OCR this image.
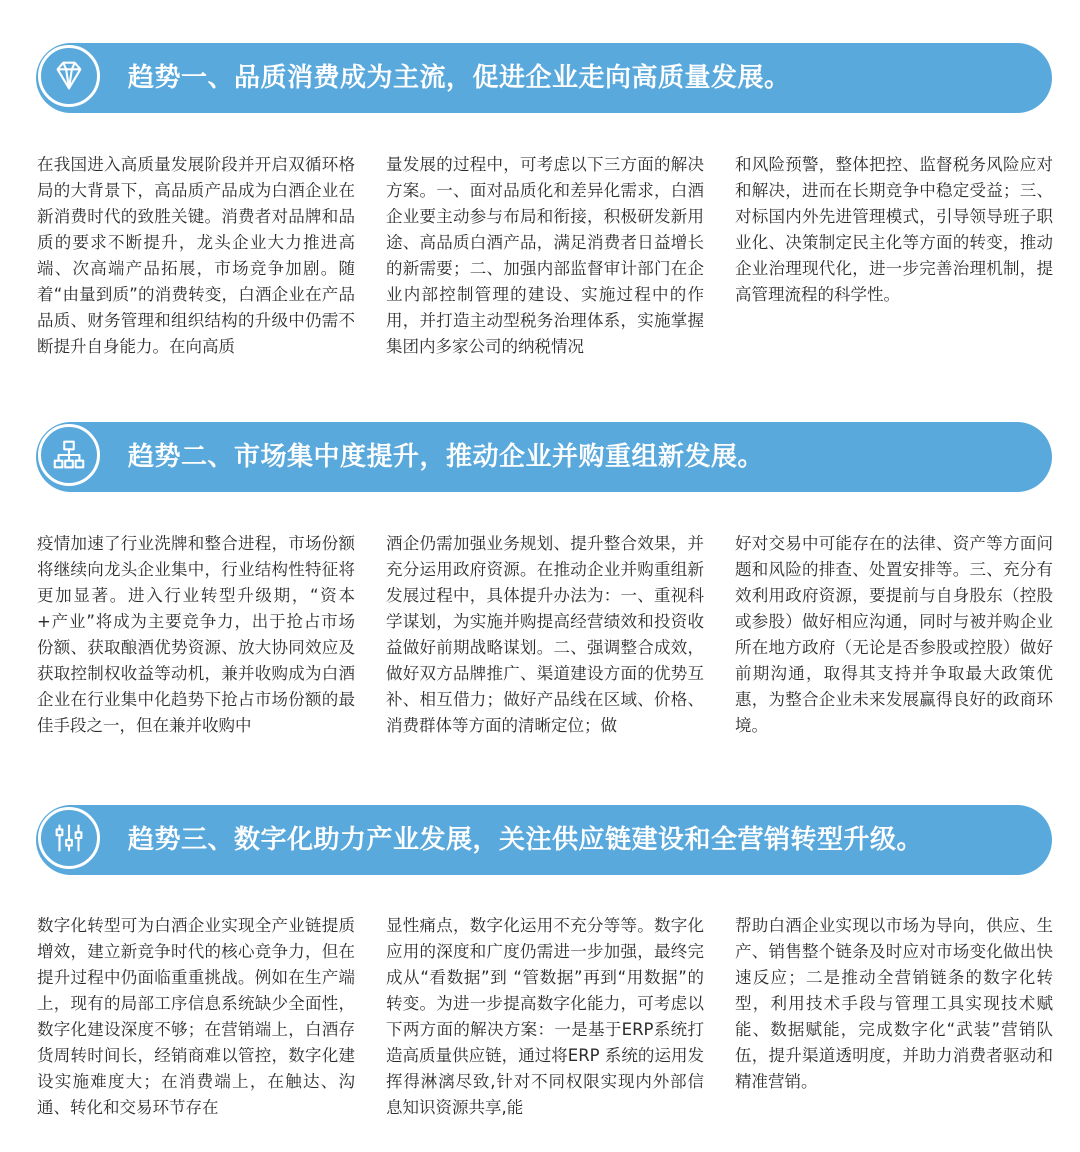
趋势一、品质消费成为主流，促进企业走向高质量发展。
在我国进入高质量发展阶段并开启双循环格局的大背景下，高品质产品成为白酒企业在新消费时代的致胜关键。消费者对品牌和品质的要求不断提升，龙头企业大力推进高端、次高端产品拓展，市场竞争加剧。随着“由量到质”的消费转变，白酒企业在产品品质、财务管理和组织结构的升级中仍需不断提升自身能力。在向高质
量发展的过程中，可考虑以下三方面的解决方案。一、面对品质化和差异化需求，白酒企业要主动参与布局和衔接，积极研发新用途、高品质白酒产品，满足消费者日益增长的新需要；二、加强内部监督审计部门在企业内部控制管理的建设、实施过程中的作用，并打造主动型税务治理体系，实施掌握集团内多家公司的纳税情况
和风险预警，整体把控、监督税务风险应对和解决，进而在长期竞争中稳定受益；三、对标国内外先进管理模式，引导领导班子职业化、决策制定民主化等方面的转变，推动企业治理现代化，进一步完善治理机制，提高管理流程的科学性。
趋势二、市场集中度提升，推动企业并购重组新发展。
疫情加速了行业洗牌和整合进程，市场份额将继续向龙头企业集中，行业结构性特征将更加显著。进入行业转型升级期，“资本+产业”将成为主要竞争力，出于抢占市场份额、获取酿酒优势资源、放大协同效应及获取控制权收益等动机，兼并收购成为白酒企业在行业集中化趋势下抢占市场份额的最佳手段之一，但在兼并收购中
酒企仍需加强业务规划、提升整合效果，并充分运用政府资源。在推动企业并购重组新发展过程中，具体提升办法为：一、重视科学谋划，为实施并购提高经营绩效和投资收益做好前期战略谋划。二、强调整合成效，做好双方品牌推广、渠道建设方面的优势互补、相互借力；做好产品线在区域、价格、消费群体等方面的清晰定位；做
好对交易中可能存在的法律、资产等方面问题和风险的排查、处置安排等。三、充分有效利用政府资源，要提前与自身股东（控股或参股）做好相应沟通，同时与被并购企业所在地方政府（无论是否参股或控股）做好前期沟通，取得其支持并争取最大政策优惠，为整合企业未来发展赢得良好的政商环境。
趋势三、数字化助力产业发展，关注供应链建设和全营销转型升级。
数字化转型可为白酒企业实现全产业链提质增效，建立新竞争时代的核心竞争力，但在提升过程中仍面临重重挑战。例如在生产端上，现有的局部工序信息系统缺少全面性，数字化建设深度不够；在营销端上，白酒存货周转时间长，经销商难以管控，数字化建设实施难度大；在消费端上，在触达、沟通、转化和交易环节存在
显性痛点，数字化运用不充分等等。数字化应用的深度和广度仍需进一步加强，最终完成从“看数据”到 “管数据”再到“用数据”的转变。为进一步提高数字化能力，可考虑以下两方面的解决方案：一是基于ERP系统打造高质量供应链，通过将ERP 系统的运用发挥得淋漓尽致,针对不同权限实现内外部信息知识资源共享,能
帮助白酒企业实现以市场为导向，供应、生产、销售整个链条及时应对市场变化做出快速反应；二是推动全营销链条的数字化转型，利用技术手段与管理工具实现技术赋能、数据赋能，完成数字化“武装”营销队伍，提升渠道透明度，并助力消费者驱动和精准营销。
